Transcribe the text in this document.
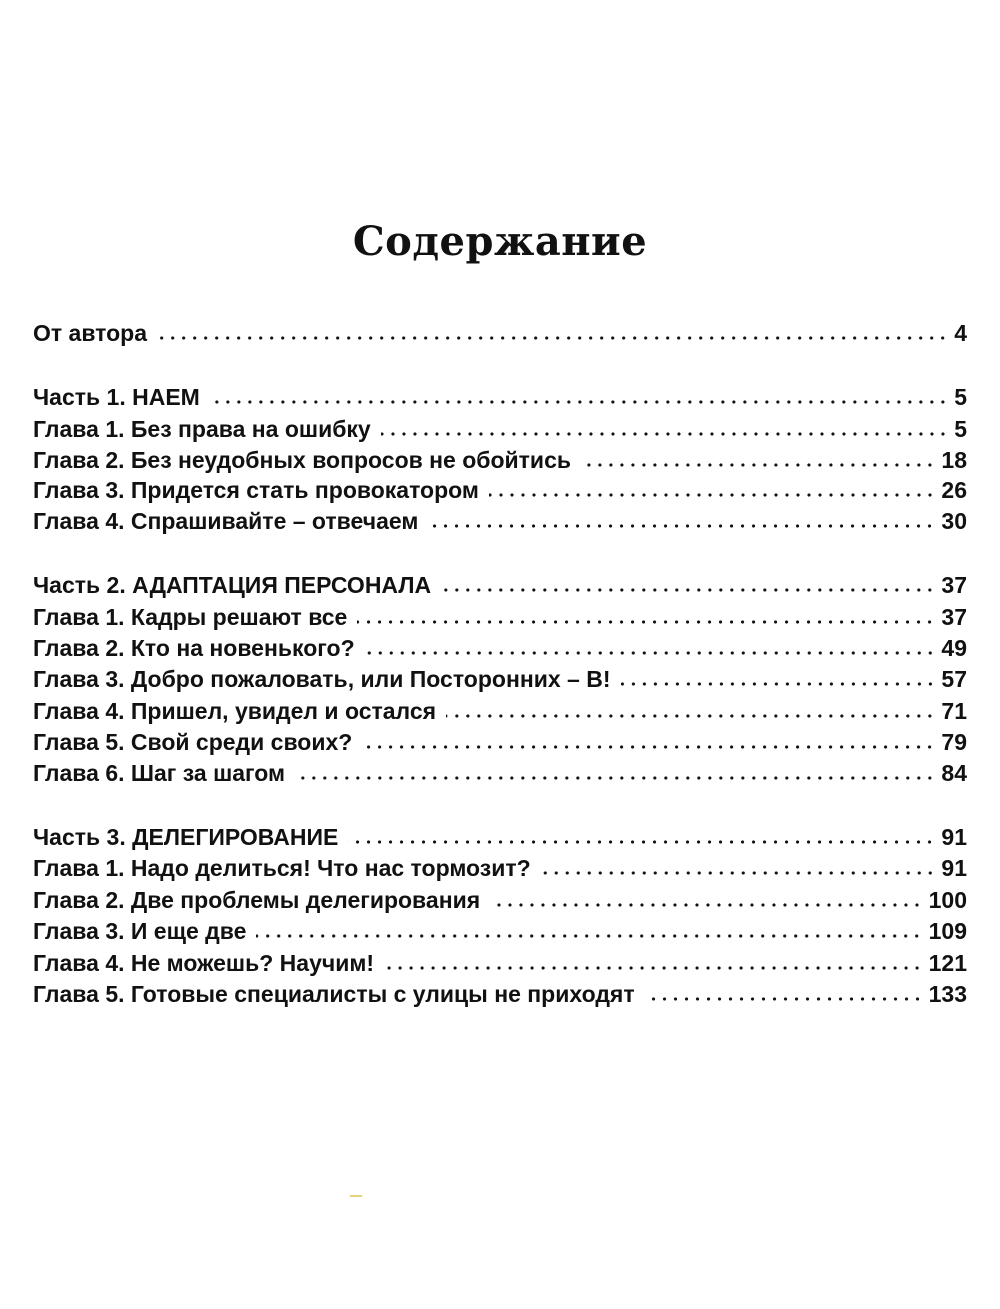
Содержание
От автора	4
Часть 1. НАЕМ	5
Глава 1. Без права на ошибку	5
Глава 2. Без неудобных вопросов не обойтись	18
Глава 3. Придется стать провокатором	26
Глава 4. Спрашивайте – отвечаем	30
Часть 2. АДАПТАЦИЯ ПЕРСОНАЛА	37
Глава 1. Кадры решают все	37
Глава 2. Кто на новенького?	49
Глава 3. Добро пожаловать, или Посторонних – В!	57
Глава 4. Пришел, увидел и остался	71
Глава 5. Свой среди своих?	79
Глава 6. Шаг за шагом	84
Часть 3. ДЕЛЕГИРОВАНИЕ	91
Глава 1. Надо делиться! Что нас тормозит?	91
Глава 2. Две проблемы делегирования	100
Глава 3. И еще две	109
Глава 4. Не можешь? Научим!	121
Глава 5. Готовые специалисты с улицы не приходят	133
